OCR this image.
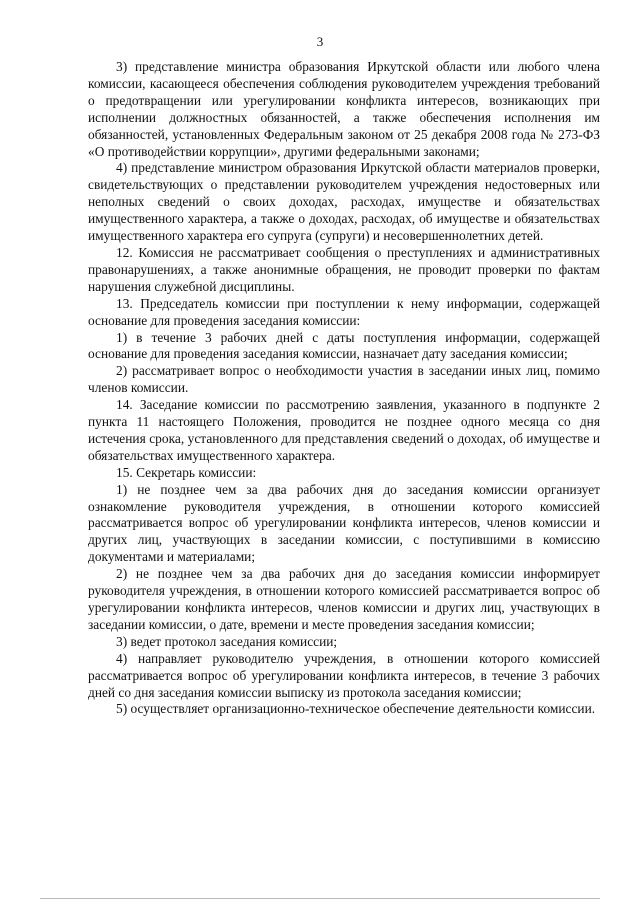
3

3) представление министра образования Иркутской области или любого члена комиссии, касающееся обеспечения соблюдения руководителем учреждения требований о предотвращении или урегулировании конфликта интересов, возникающих при исполнении должностных обязанностей, а также обеспечения исполнения им обязанностей, установленных Федеральным законом от 25 декабря 2008 года № 273-ФЗ «О противодействии коррупции», другими федеральными законами;

4) представление министром образования Иркутской области материалов проверки, свидетельствующих о представлении руководителем учреждения недостоверных или неполных сведений о своих доходах, расходах, имуществе и обязательствах имущественного характера, а также о доходах, расходах, об имуществе и обязательствах имущественного характера его супруга (супруги) и несовершеннолетних детей.

12. Комиссия не рассматривает сообщения о преступлениях и административных правонарушениях, а также анонимные обращения, не проводит проверки по фактам нарушения служебной дисциплины.

13. Председатель комиссии при поступлении к нему информации, содержащей основание для проведения заседания комиссии:

1) в течение 3 рабочих дней с даты поступления информации, содержащей основание для проведения заседания комиссии, назначает дату заседания комиссии;

2) рассматривает вопрос о необходимости участия в заседании иных лиц, помимо членов комиссии.

14. Заседание комиссии по рассмотрению заявления, указанного в подпункте 2 пункта 11 настоящего Положения, проводится не позднее одного месяца со дня истечения срока, установленного для представления сведений о доходах, об имуществе и обязательствах имущественного характера.

15. Секретарь комиссии:

1) не позднее чем за два рабочих дня до заседания комиссии организует ознакомление руководителя учреждения, в отношении которого комиссией рассматривается вопрос об урегулировании конфликта интересов, членов комиссии и других лиц, участвующих в заседании комиссии, с поступившими в комиссию документами и материалами;

2) не позднее чем за два рабочих дня до заседания комиссии информирует руководителя учреждения, в отношении которого комиссией рассматривается вопрос об урегулировании конфликта интересов, членов комиссии и других лиц, участвующих в заседании комиссии, о дате, времени и месте проведения заседания комиссии;

3) ведет протокол заседания комиссии;

4) направляет руководителю учреждения, в отношении которого комиссией рассматривается вопрос об урегулировании конфликта интересов, в течение 3 рабочих дней со дня заседания комиссии выписку из протокола заседания комиссии;

5) осуществляет организационно-техническое обеспечение деятельности комиссии.
